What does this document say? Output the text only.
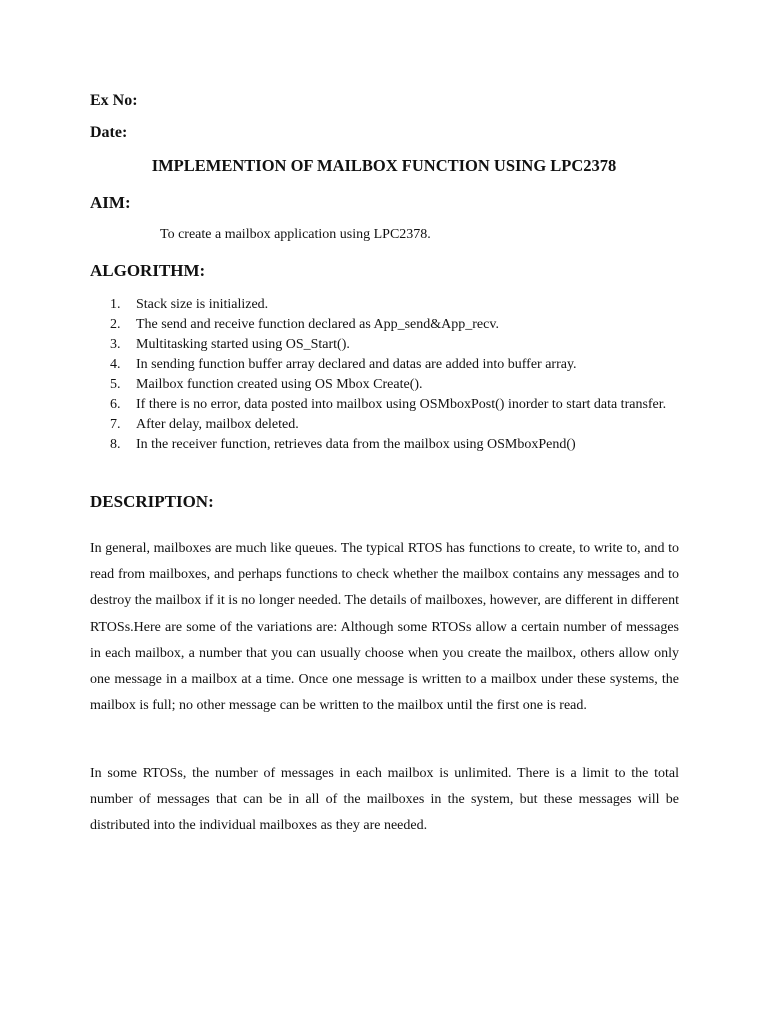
Ex No:
Date:
IMPLEMENTION OF MAILBOX FUNCTION USING LPC2378
AIM:
To create a mailbox application using LPC2378.
ALGORITHM:
1.	Stack size is initialized.
2.	The send and receive function declared as App_send&App_recv.
3.	Multitasking started using OS_Start().
4.	In sending function buffer array declared and datas are added into buffer array.
5.	Mailbox function created using OS Mbox Create().
6.	If there is no error, data posted into mailbox using OSMboxPost() inorder to start data transfer.
7.	After delay, mailbox deleted.
8.	In the receiver function, retrieves data from the mailbox using OSMboxPend()
DESCRIPTION:

In general, mailboxes are much like queues. The typical RTOS has functions to create, to write to, and to read from mailboxes, and perhaps functions to check whether the mailbox contains any messages and to destroy the mailbox if it is no longer needed. The details of mailboxes, however, are different in different RTOSs.Here are some of the variations are: Although some RTOSs allow a certain number of messages in each mailbox, a number that you can usually choose when you create the mailbox, others allow only one message in a mailbox at a time. Once one message is written to a mailbox under these systems, the mailbox is full; no other message can be written to the mailbox until the first one is read.

In some RTOSs, the number of messages in each mailbox is unlimited. There is a limit to the total number of messages that can be in all of the mailboxes in the system, but these messages will be distributed into the individual mailboxes as they are needed.
